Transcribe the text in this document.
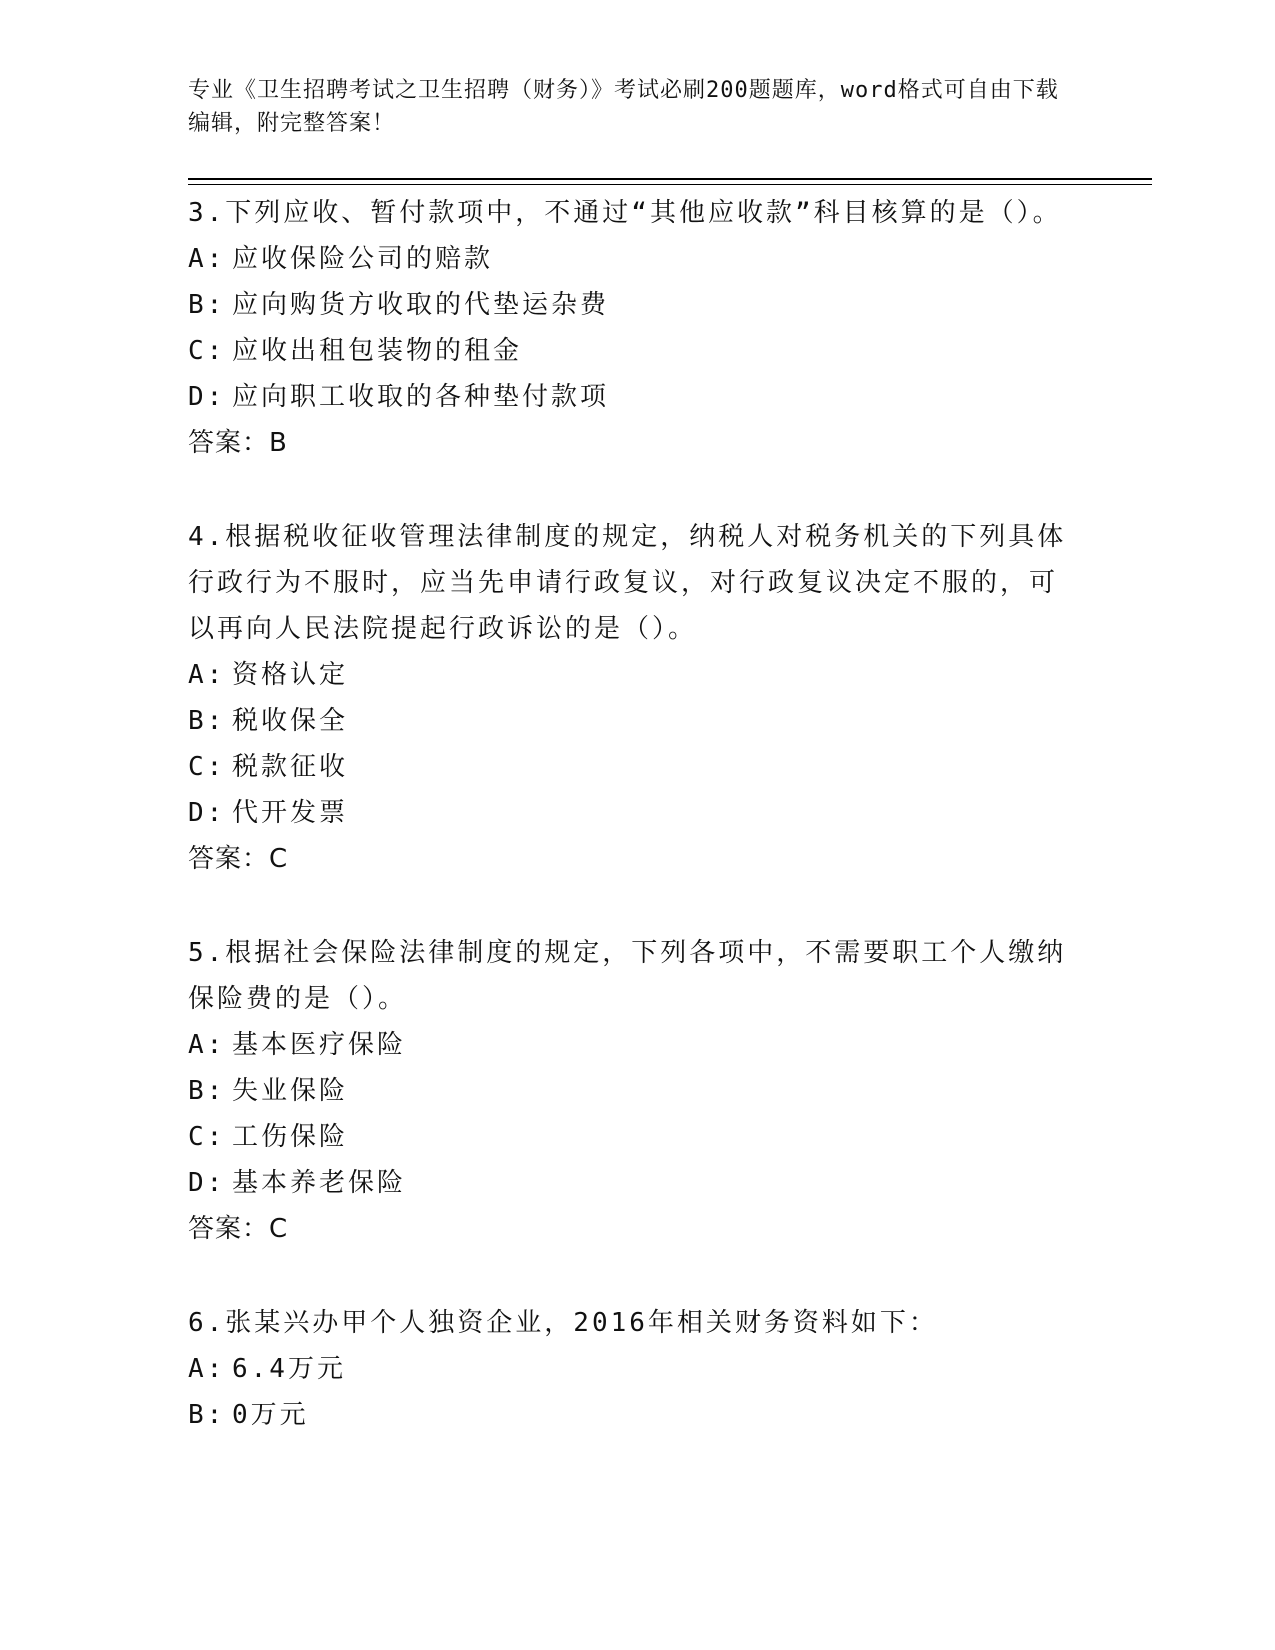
专业《卫生招聘考试之卫生招聘（财务）》考试必刷200题题库，word格式可自由下载编辑，附完整答案！

3.下列应收、暂付款项中，不通过“其他应收款”科目核算的是（）。

A: 应收保险公司的赔款
B: 应向购货方收取的代垫运杂费
C: 应收出租包装物的租金
D: 应向职工收取的各种垫付款项
答案：B

4.根据税收征收管理法律制度的规定，纳税人对税务机关的下列具体行政行为不服时，应当先申请行政复议，对行政复议决定不服的，可以再向人民法院提起行政诉讼的是（）。

A: 资格认定
B: 税收保全
C: 税款征收
D: 代开发票
答案：C

5.根据社会保险法律制度的规定，下列各项中，不需要职工个人缴纳保险费的是（）。

A: 基本医疗保险
B: 失业保险
C: 工伤保险
D: 基本养老保险
答案：C

6.张某兴办甲个人独资企业，2016年相关财务资料如下：

A: 6.4万元
B: 0万元
